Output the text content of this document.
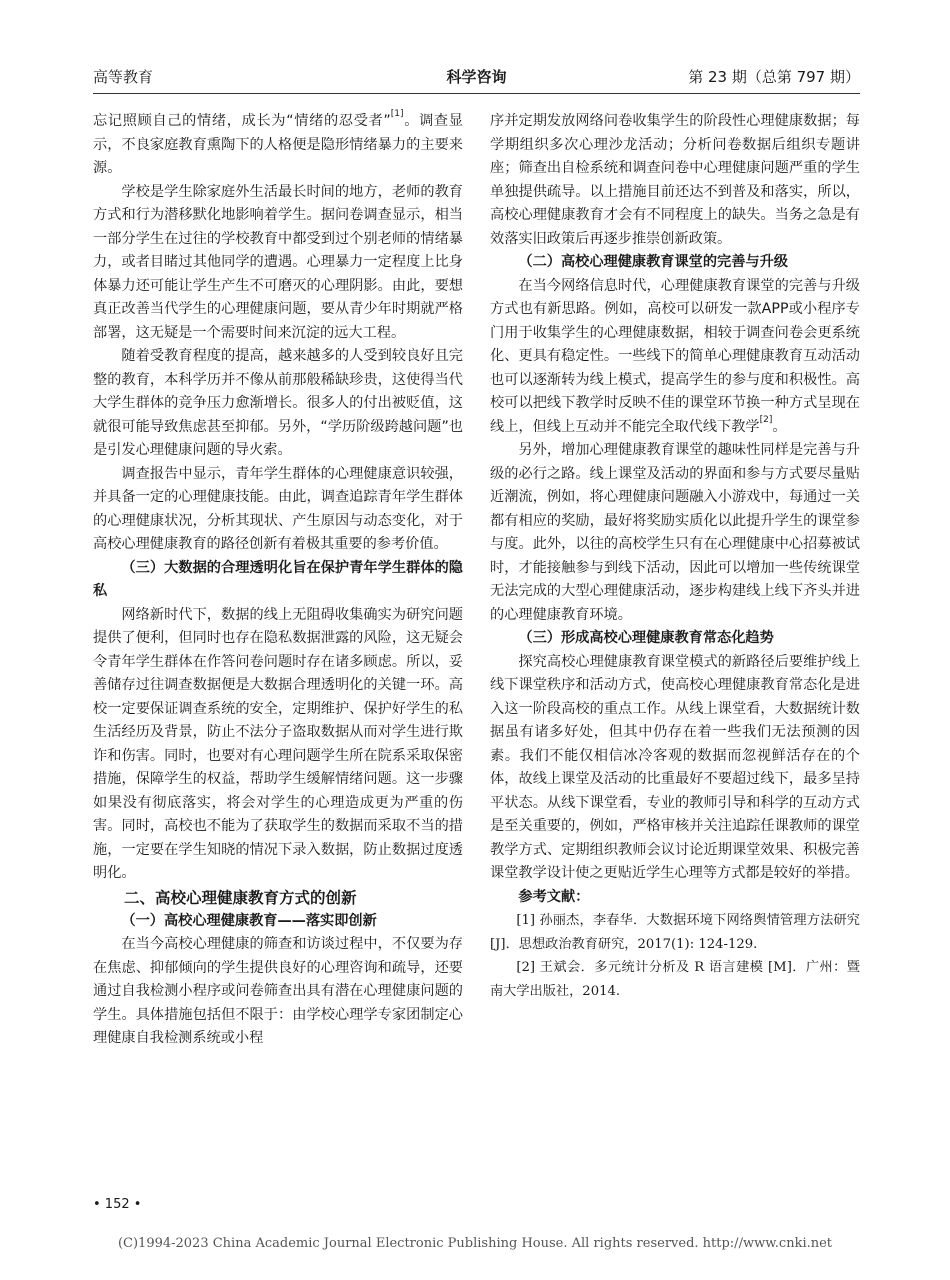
高等教育	科学咨询	第 23 期（总第 797 期）

忘记照顾自己的情绪，成长为“情绪的忍受者”[1]。调查显示，不良家庭教育熏陶下的人格便是隐形情绪暴力的主要来源。

学校是学生除家庭外生活最长时间的地方，老师的教育方式和行为潜移默化地影响着学生。据问卷调查显示，相当一部分学生在过往的学校教育中都受到过个别老师的情绪暴力，或者目睹过其他同学的遭遇。心理暴力一定程度上比身体暴力还可能让学生产生不可磨灭的心理阴影。由此，要想真正改善当代学生的心理健康问题，要从青少年时期就严格部署，这无疑是一个需要时间来沉淀的远大工程。

随着受教育程度的提高，越来越多的人受到较良好且完整的教育，本科学历并不像从前那般稀缺珍贵，这使得当代大学生群体的竞争压力愈渐增长。很多人的付出被贬值，这就很可能导致焦虑甚至抑郁。另外，“学历阶级跨越问题”也是引发心理健康问题的导火索。

调查报告中显示，青年学生群体的心理健康意识较强，并具备一定的心理健康技能。由此，调查追踪青年学生群体的心理健康状况，分析其现状、产生原因与动态变化，对于高校心理健康教育的路径创新有着极其重要的参考价值。

（三）大数据的合理透明化旨在保护青年学生群体的隐私

网络新时代下，数据的线上无阻碍收集确实为研究问题提供了便利，但同时也存在隐私数据泄露的风险，这无疑会令青年学生群体在作答问卷问题时存在诸多顾虑。所以，妥善储存过往调查数据便是大数据合理透明化的关键一环。高校一定要保证调查系统的安全，定期维护、保护好学生的私生活经历及背景，防止不法分子盗取数据从而对学生进行欺诈和伤害。同时，也要对有心理问题学生所在院系采取保密措施，保障学生的权益，帮助学生缓解情绪问题。这一步骤如果没有彻底落实，将会对学生的心理造成更为严重的伤害。同时，高校也不能为了获取学生的数据而采取不当的措施，一定要在学生知晓的情况下录入数据，防止数据过度透明化。

二、高校心理健康教育方式的创新

（一）高校心理健康教育——落实即创新

在当今高校心理健康的筛查和访谈过程中，不仅要为存在焦虑、抑郁倾向的学生提供良好的心理咨询和疏导，还要通过自我检测小程序或问卷筛查出具有潜在心理健康问题的学生。具体措施包括但不限于：由学校心理学专家团制定心理健康自我检测系统或小程

序并定期发放网络问卷收集学生的阶段性心理健康数据；每学期组织多次心理沙龙活动；分析问卷数据后组织专题讲座；筛查出自检系统和调查问卷中心理健康问题严重的学生单独提供疏导。以上措施目前还达不到普及和落实，所以，高校心理健康教育才会有不同程度上的缺失。当务之急是有效落实旧政策后再逐步推崇创新政策。

（二）高校心理健康教育课堂的完善与升级

在当今网络信息时代，心理健康教育课堂的完善与升级方式也有新思路。例如，高校可以研发一款APP或小程序专门用于收集学生的心理健康数据，相较于调查问卷会更系统化、更具有稳定性。一些线下的简单心理健康教育互动活动也可以逐渐转为线上模式，提高学生的参与度和积极性。高校可以把线下教学时反映不佳的课堂环节换一种方式呈现在线上，但线上互动并不能完全取代线下教学[2]。

另外，增加心理健康教育课堂的趣味性同样是完善与升级的必行之路。线上课堂及活动的界面和参与方式要尽量贴近潮流，例如，将心理健康问题融入小游戏中，每通过一关都有相应的奖励，最好将奖励实质化以此提升学生的课堂参与度。此外，以往的高校学生只有在心理健康中心招募被试时，才能接触参与到线下活动，因此可以增加一些传统课堂无法完成的大型心理健康活动，逐步构建线上线下齐头并进的心理健康教育环境。

（三）形成高校心理健康教育常态化趋势

探究高校心理健康教育课堂模式的新路径后要维护线上线下课堂秩序和活动方式，使高校心理健康教育常态化是进入这一阶段高校的重点工作。从线上课堂看，大数据统计数据虽有诸多好处，但其中仍存在着一些我们无法预测的因素。我们不能仅相信冰冷客观的数据而忽视鲜活存在的个体，故线上课堂及活动的比重最好不要超过线下，最多呈持平状态。从线下课堂看，专业的教师引导和科学的互动方式是至关重要的，例如，严格审核并关注追踪任课教师的课堂教学方式、定期组织教师会议讨论近期课堂效果、积极完善课堂教学设计使之更贴近学生心理等方式都是较好的举措。

参考文献：

[1] 孙丽杰，李春华．大数据环境下网络舆情管理方法研究 [J]．思想政治教育研究，2017(1): 124-129.

[2] 王斌会．多元统计分析及 R 语言建模 [M]．广州：暨南大学出版社，2014.

• 152 •
(C)1994-2023 China Academic Journal Electronic Publishing House. All rights reserved. http://www.cnki.net
